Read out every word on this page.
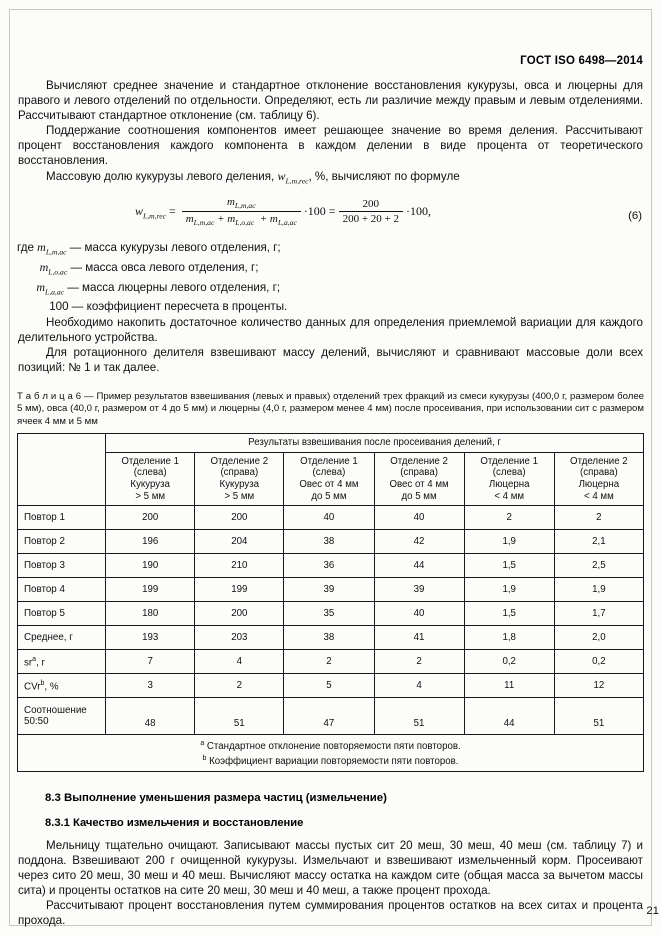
ГОСТ ISO 6498—2014

Вычисляют среднее значение и стандартное отклонение восстановления кукурузы, овса и люцерны для правого и левого отделений по отдельности. Определяют, есть ли различие между правым и левым отделениями. Рассчитывают стандартное отклонение (см. таблицу 6).

Поддержание соотношения компонентов имеет решающее значение во время деления. Рассчитывают процент восстановления каждого компонента в каждом делении в виде процента от теоретического восстановления.

Массовую долю кукурузы левого деления, $w_{L,m,rec}$, %, вычисляют по формуле

$w_{L,m,rec} = \frac{m_{L,m,ac}}{m_{L,m,ac} + m_{L,o,ac} + m_{L,a,ac}} \cdot 100 = \frac{200}{200 + 20 + 2} \cdot 100$,	(6)
где $m_{L,m,ac}$ — масса кукурузы левого отделения, г;
$m_{L,o,ac}$ — масса овса левого отделения, г;
$m_{L,a,ac}$ — масса люцерны левого отделения, г;
100 — коэффициент пересчета в проценты.

Необходимо накопить достаточное количество данных для определения приемлемой вариации для каждого делительного устройства.

Для ротационного делителя взвешивают массу делений, вычисляют и сравнивают массовые доли всех позиций: № 1 и так далее.

Т а б л и ц а 6 — Пример результатов взвешивания (левых и правых) отделений трех фракций из смеси кукурузы (400,0 г, размером более 5 мм), овса (40,0 г, размером от 4 до 5 мм) и люцерны (4,0 г, размером менее 4 мм) после просеивания, при использовании сит с размером ячеек 4 мм и 5 мм
	Результаты взвешивания после просеивания делений, г					
	Отделение 1
(слева)
Кукуруза
> 5 мм	Отделение 2
(справа)
Кукуруза
> 5 мм	Отделение 1
(слева)
Овес от 4 мм
до 5 мм	Отделение 2
(справа)
Овес от 4 мм
до 5 мм	Отделение 1
(слева)
Люцерна
< 4 мм	Отделение 2
(справа)
Люцерна
< 4 мм
Повтор 1	200	200	40	40	2	2
Повтор 2	196	204	38	42	1,9	2,1
Повтор 3	190	210	36	44	1,5	2,5
Повтор 4	199	199	39	39	1,9	1,9
Повтор 5	180	200	35	40	1,5	1,7
Среднее, г	193	203	38	41	1,8	2,0
sr$^a$, г	7	4	2	2	0,2	0,2
CVr$^b$, %	3	2	5	4	11	12
Соотношение 50:50	48	51	47	51	44	51

$^a$ Стандартное отклонение повторяемости пяти повторов.
$^b$ Коэффициент вариации повторяемости пяти повторов.						
8.3 Выполнение уменьшения размера частиц (измельчение)
8.3.1 Качество измельчения и восстановление

Мельницу тщательно очищают. Записывают массы пустых сит 20 меш, 30 меш, 40 меш (см. таблицу 7) и поддона. Взвешивают 200 г очищенной кукурузы. Измельчают и взвешивают измельченный корм. Просеивают через сито 20 меш, 30 меш и 40 меш. Вычисляют массу остатка на каждом сите (общая масса за вычетом массы сита) и проценты остатков на сите 20 меш, 30 меш и 40 меш, а также процент прохода.

Рассчитывают процент восстановления путем суммирования процентов остатков на всех ситах и процента прохода.

21
